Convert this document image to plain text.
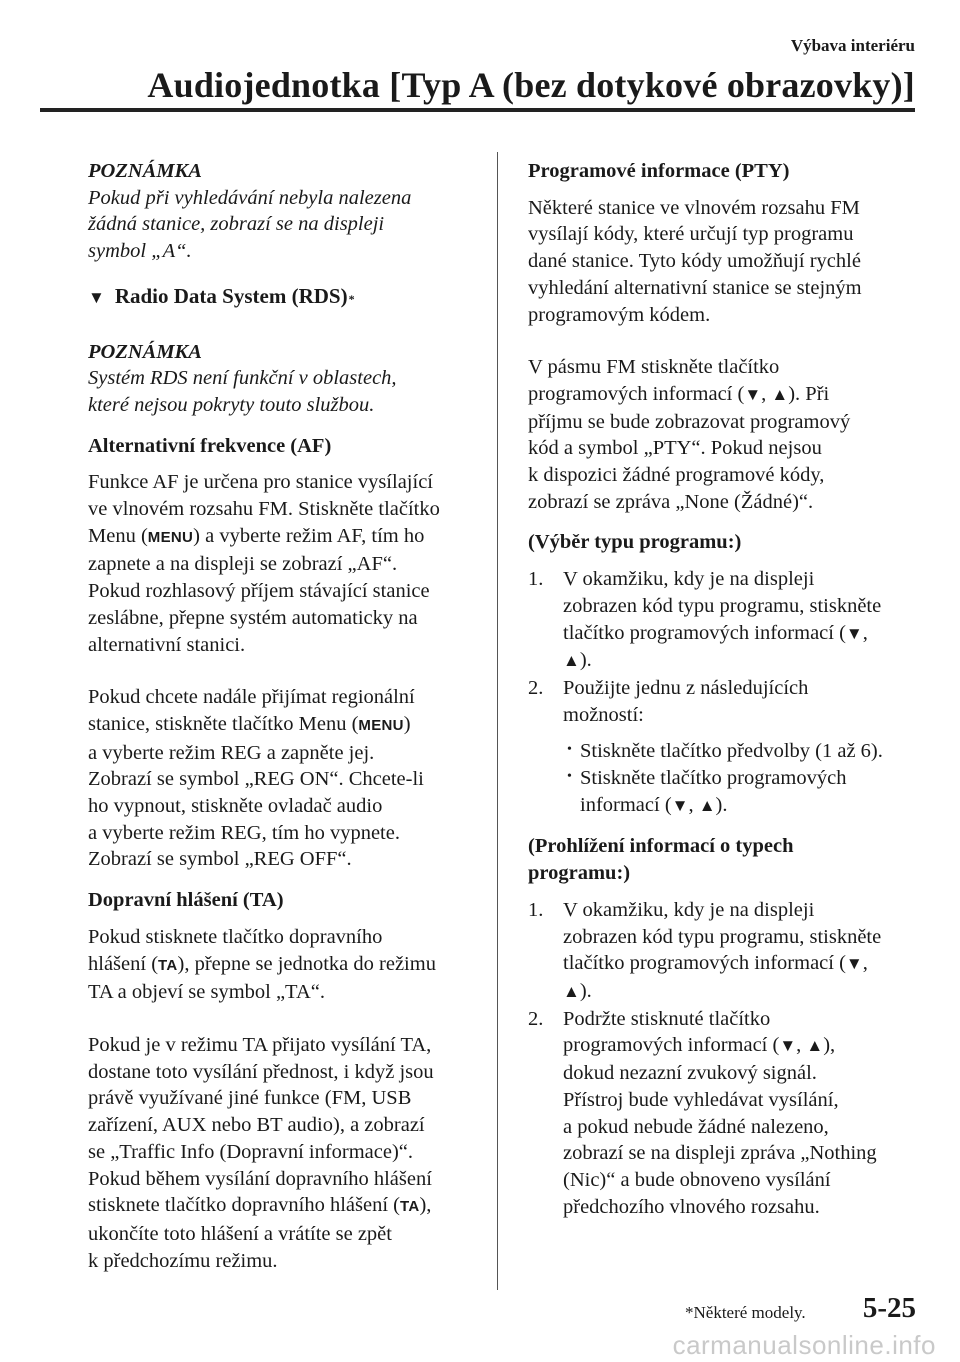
Výbava interiéru
Audiojednotka [Typ A (bez dotykové obrazovky)]

POZNÁMKA

Pokud při vyhledávání nebyla nalezena

žádná stanice, zobrazí se na displeji

symbol „A“.

▼ Radio Data System (RDS) *

POZNÁMKA

Systém RDS není funkční v oblastech,

které nejsou pokryty touto službou.

Alternativní frekvence (AF)

Funkce AF je určena pro stanice vysílající

ve vlnovém rozsahu FM. Stiskněte tlačítko

Menu (MENU) a vyberte režim AF, tím ho

zapnete a na displeji se zobrazí „AF“.

Pokud rozhlasový příjem stávající stanice

zeslábne, přepne systém automaticky na

alternativní stanici.

Pokud chcete nadále přijímat regionální

stanice, stiskněte tlačítko Menu (MENU)

a vyberte režim REG a zapněte jej.

Zobrazí se symbol „REG ON“. Chcete-li

ho vypnout, stiskněte ovladač audio

a vyberte režim REG, tím ho vypnete.

Zobrazí se symbol „REG OFF“.

Dopravní hlášení (TA)

Pokud stisknete tlačítko dopravního

hlášení (TA), přepne se jednotka do režimu

TA a objeví se symbol „TA“.

Pokud je v režimu TA přijato vysílání TA,

dostane toto vysílání přednost, i když jsou

právě využívané jiné funkce (FM, USB

zařízení, AUX nebo BT audio), a zobrazí

se „Traffic Info (Dopravní informace)“.

Pokud během vysílání dopravního hlášení

stisknete tlačítko dopravního hlášení (TA),

ukončíte toto hlášení a vrátíte se zpět

k předchozímu režimu.

Programové informace (PTY)

Některé stanice ve vlnovém rozsahu FM

vysílají kódy, které určují typ programu

dané stanice. Tyto kódy umožňují rychlé

vyhledání alternativní stanice se stejným

programovým kódem.

V pásmu FM stiskněte tlačítko

programových informací (▼, ▲). Při

příjmu se bude zobrazovat programový

kód a symbol „PTY“. Pokud nejsou

k dispozici žádné programové kódy,

zobrazí se zpráva „None (Žádné)“.

(Výběr typu programu:)

1. V okamžiku, kdy je na displeji

zobrazen kód typu programu, stiskněte

tlačítko programových informací (▼,

▲).

2. Použijte jednu z následujících

možností:

• Stiskněte tlačítko předvolby (1 až 6).

• Stiskněte tlačítko programových

informací (▼, ▲).

(Prohlížení informací o typech

programu:)

1. V okamžiku, kdy je na displeji

zobrazen kód typu programu, stiskněte

tlačítko programových informací (▼,

▲).

2. Podržte stisknuté tlačítko

programových informací (▼, ▲),

dokud nezazní zvukový signál.

Přístroj bude vyhledávat vysílání,

a pokud nebude žádné nalezeno,

zobrazí se na displeji zpráva „Nothing

(Nic)“ a bude obnoveno vysílání

předchozího vlnového rozsahu.

*Některé modely. 5-25
carmanualsonline.info
